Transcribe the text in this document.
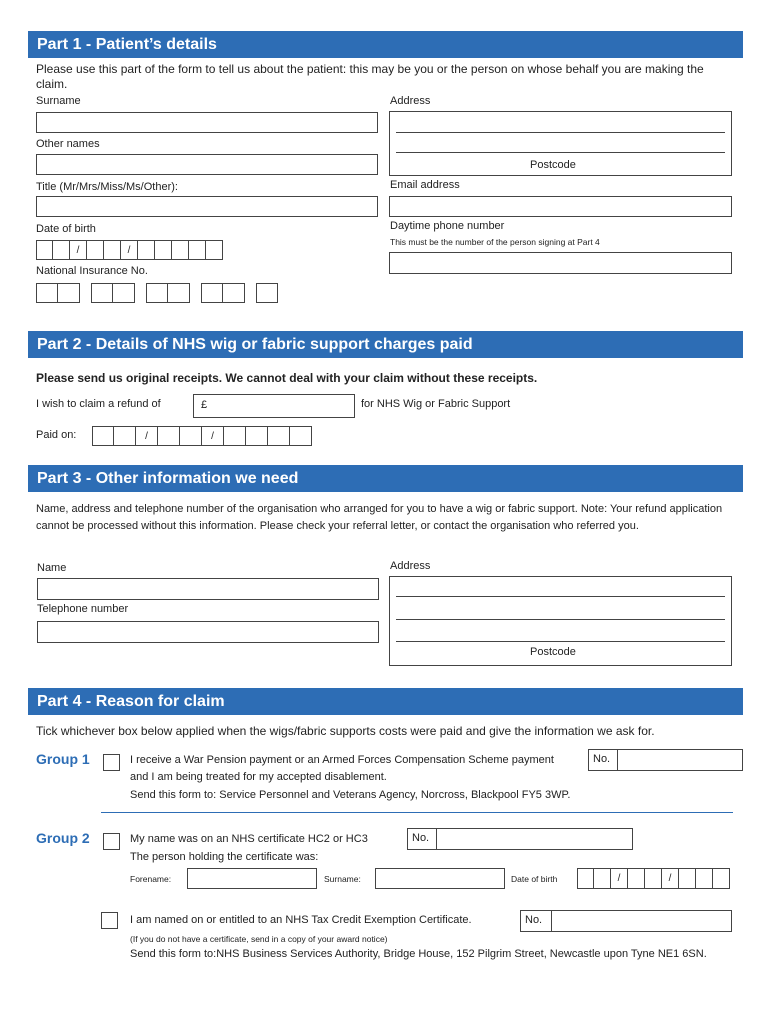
Part 1 - Patient’s details
Please use this part of the form to tell us about the patient: this may be you or the person on whose behalf you are making the claim.
Surname
Other names
Title (Mr/Mrs/Miss/Ms/Other):
Date of birth
/	/
National Insurance No.
Address
Postcode
Email address
Daytime phone number
This must be the number of the person signing at Part 4
Part 2 - Details of NHS wig or fabric support charges paid
Please send us original receipts. We cannot deal with your claim without these receipts.
I wish to claim a refund of	£	for NHS Wig or Fabric Support
Paid on:	/	/
Part 3 - Other information we need
Name, address and telephone number of the organisation who arranged for you to have a wig or fabric support. Note: Your refund application cannot be processed without this information. Please check your referral letter, or contact the organisation who referred you.
Name
Telephone number
Address
Postcode
Part 4 - Reason for claim
Tick whichever box below applied when the wigs/fabric supports costs were paid and give the information we ask for.
Group 1	I receive a War Pension payment or an Armed Forces Compensation Scheme payment	No.
and I am being treated for my accepted disablement.
Send this form to: Service Personnel and Veterans Agency, Norcross, Blackpool FY5 3WP.
Group 2	My name was on an NHS certificate HC2 or HC3	No.
The person holding the certificate was:
Forename:	Surname:	Date of birth	/	/
I am named on or entitled to an NHS Tax Credit Exemption Certificate.	No.
(If you do not have a certificate, send in a copy of your award notice)
Send this form to:NHS Business Services Authority, Bridge House, 152 Pilgrim Street, Newcastle upon Tyne NE1 6SN.
